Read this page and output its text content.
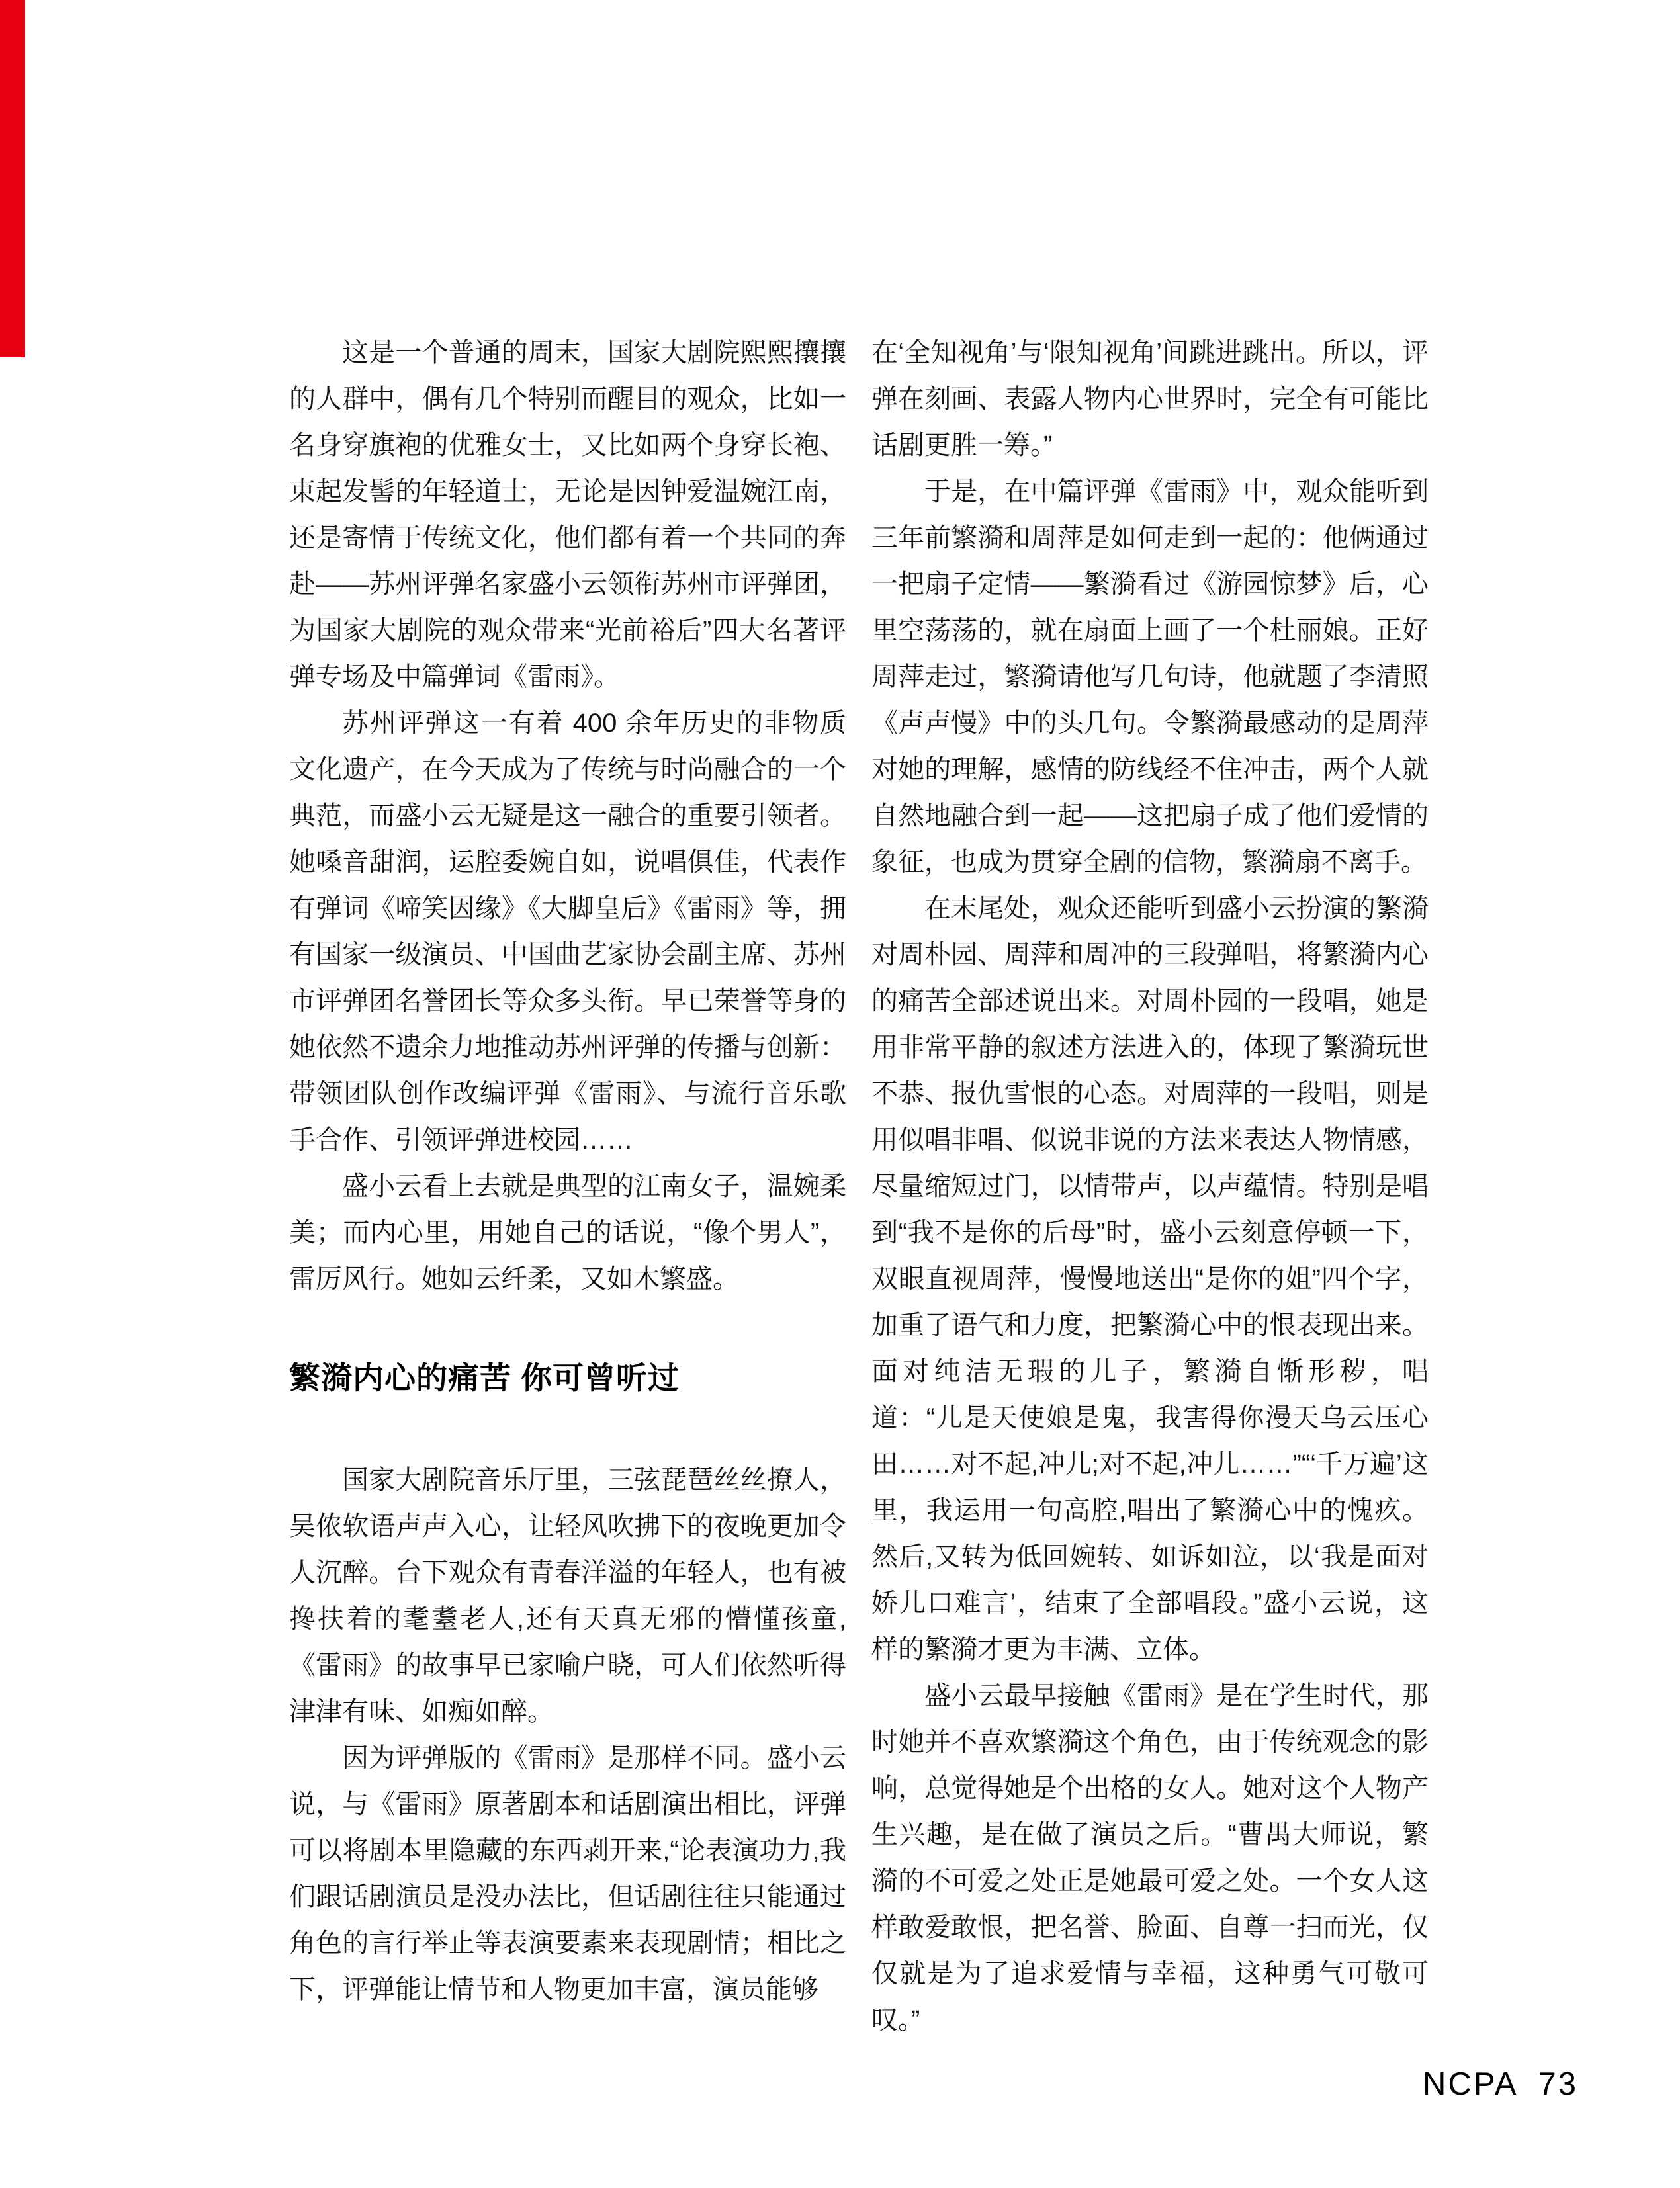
这是一个普通的周末，国家大剧院熙熙攘攘的人群中，偶有几个特别而醒目的观众，比如一名身穿旗袍的优雅女士，又比如两个身穿长袍、束起发髻的年轻道士，无论是因钟爱温婉江南，还是寄情于传统文化，他们都有着一个共同的奔赴——苏州评弹名家盛小云领衔苏州市评弹团，为国家大剧院的观众带来“光前裕后”四大名著评弹专场及中篇弹词《雷雨》。

苏州评弹这一有着 400 余年历史的非物质文化遗产，在今天成为了传统与时尚融合的一个典范，而盛小云无疑是这一融合的重要引领者。她嗓音甜润，运腔委婉自如，说唱俱佳，代表作有弹词《啼笑因缘》《大脚皇后》《雷雨》等，拥有国家一级演员、中国曲艺家协会副主席、苏州市评弹团名誉团长等众多头衔。早已荣誉等身的她依然不遗余力地推动苏州评弹的传播与创新：带领团队创作改编评弹《雷雨》、与流行音乐歌手合作、引领评弹进校园……

盛小云看上去就是典型的江南女子，温婉柔美；而内心里，用她自己的话说，“像个男人”，雷厉风行。她如云纤柔，又如木繁盛。

繁漪内心的痛苦 你可曾听过

国家大剧院音乐厅里，三弦琵琶丝丝撩人，吴侬软语声声入心，让轻风吹拂下的夜晚更加令人沉醉。台下观众有青春洋溢的年轻人，也有被搀扶着的耄耋老人,还有天真无邪的懵懂孩童,《雷雨》的故事早已家喻户晓，可人们依然听得津津有味、如痴如醉。

因为评弹版的《雷雨》是那样不同。盛小云说，与《雷雨》原著剧本和话剧演出相比，评弹可以将剧本里隐藏的东西剥开来,“论表演功力,我们跟话剧演员是没办法比，但话剧往往只能通过角色的言行举止等表演要素来表现剧情；相比之下，评弹能让情节和人物更加丰富，演员能够

在‘全知视角’与‘限知视角’间跳进跳出。所以，评弹在刻画、表露人物内心世界时，完全有可能比话剧更胜一筹。”

于是，在中篇评弹《雷雨》中，观众能听到三年前繁漪和周萍是如何走到一起的：他俩通过一把扇子定情——繁漪看过《游园惊梦》后，心里空荡荡的，就在扇面上画了一个杜丽娘。正好周萍走过，繁漪请他写几句诗，他就题了李清照《声声慢》中的头几句。令繁漪最感动的是周萍对她的理解，感情的防线经不住冲击，两个人就自然地融合到一起——这把扇子成了他们爱情的象征，也成为贯穿全剧的信物，繁漪扇不离手。

在末尾处，观众还能听到盛小云扮演的繁漪对周朴园、周萍和周冲的三段弹唱，将繁漪内心的痛苦全部述说出来。对周朴园的一段唱，她是用非常平静的叙述方法进入的，体现了繁漪玩世不恭、报仇雪恨的心态。对周萍的一段唱，则是用似唱非唱、似说非说的方法来表达人物情感，尽量缩短过门，以情带声，以声蕴情。特别是唱到“我不是你的后母”时，盛小云刻意停顿一下，双眼直视周萍，慢慢地送出“是你的姐”四个字，加重了语气和力度，把繁漪心中的恨表现出来。面对纯洁无瑕的儿子，繁漪自惭形秽，唱道：“儿是天使娘是鬼，我害得你漫天乌云压心田……对不起,冲儿;对不起,冲儿……”“‘千万遍’这里，我运用一句高腔,唱出了繁漪心中的愧疚。然后,又转为低回婉转、如诉如泣，以‘我是面对娇儿口难言’，结束了全部唱段。”盛小云说，这样的繁漪才更为丰满、立体。

盛小云最早接触《雷雨》是在学生时代，那时她并不喜欢繁漪这个角色，由于传统观念的影响，总觉得她是个出格的女人。她对这个人物产生兴趣，是在做了演员之后。“曹禺大师说，繁漪的不可爱之处正是她最可爱之处。一个女人这样敢爱敢恨，把名誉、脸面、自尊一扫而光，仅仅就是为了追求爱情与幸福，这种勇气可敬可叹。”

NCPA 73
